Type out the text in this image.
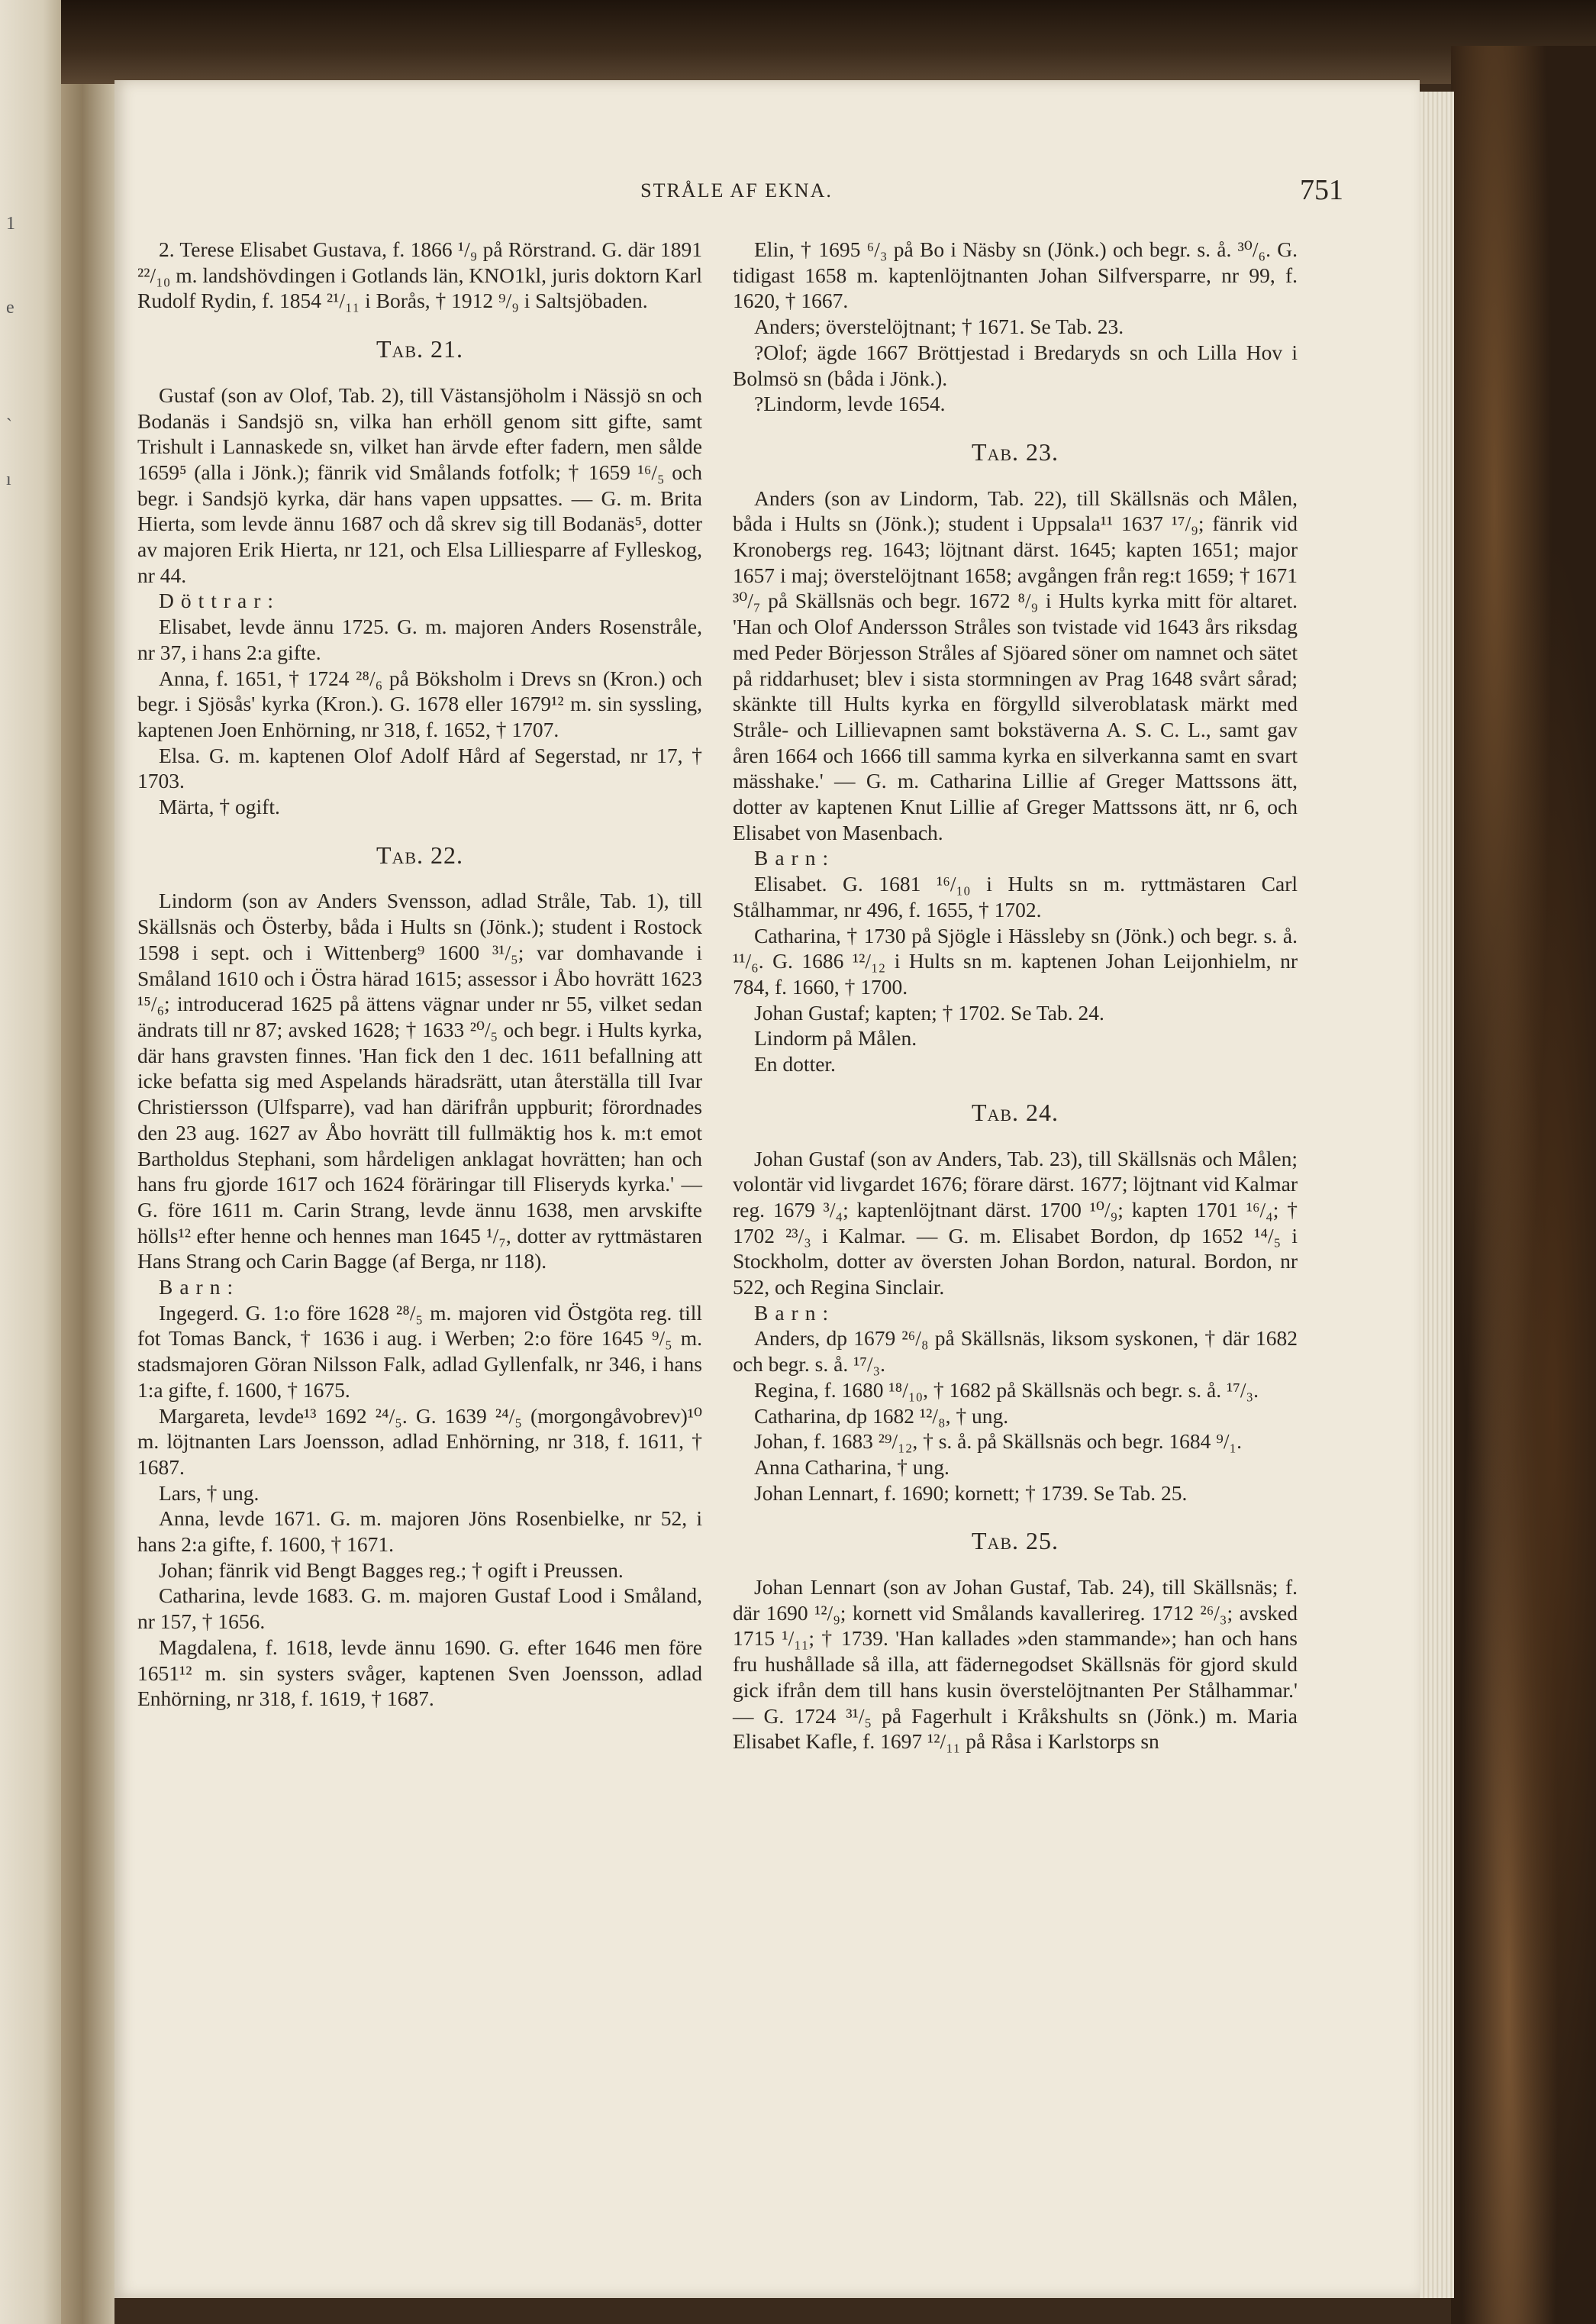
1
e
`
ı
STRÅLE AF EKNA.	751

2. Terese Elisabet Gustava, f. 1866 ¹/₉ på Rörstrand. G. där 1891 ²²/₁₀ m. landshövdingen i Gotlands län, KNO1kl, juris doktorn Karl Rudolf Rydin, f. 1854 ²¹/₁₁ i Borås, † 1912 ⁹/₉ i Saltsjöbaden.

Tab. 21.

Gustaf (son av Olof, Tab. 2), till Västansjöholm i Nässjö sn och Bodanäs i Sandsjö sn, vilka han erhöll genom sitt gifte, samt Trishult i Lannaskede sn, vilket han ärvde efter fadern, men sålde 1659⁵ (alla i Jönk.); fänrik vid Smålands fotfolk; † 1659 ¹⁶/₅ och begr. i Sandsjö kyrka, där hans vapen uppsattes. — G. m. Brita Hierta, som levde ännu 1687 och då skrev sig till Bodanäs⁵, dotter av majoren Erik Hierta, nr 121, och Elsa Lilliesparre af Fylleskog, nr 44.

Döttrar:

Elisabet, levde ännu 1725. G. m. majoren Anders Rosenstråle, nr 37, i hans 2:a gifte.

Anna, f. 1651, † 1724 ²⁸/₆ på Böksholm i Drevs sn (Kron.) och begr. i Sjösås' kyrka (Kron.). G. 1678 eller 1679¹² m. sin syssling, kaptenen Joen Enhörning, nr 318, f. 1652, † 1707.

Elsa. G. m. kaptenen Olof Adolf Hård af Segerstad, nr 17, † 1703.

Märta, † ogift.

Tab. 22.

Lindorm (son av Anders Svensson, adlad Stråle, Tab. 1), till Skällsnäs och Österby, båda i Hults sn (Jönk.); student i Rostock 1598 i sept. och i Wittenberg⁹ 1600 ³¹/₅; var domhavande i Småland 1610 och i Östra härad 1615; assessor i Åbo hovrätt 1623 ¹⁵/₆; introducerad 1625 på ättens vägnar under nr 55, vilket sedan ändrats till nr 87; avsked 1628; † 1633 ²⁰/₅ och begr. i Hults kyrka, där hans gravsten finnes. 'Han fick den 1 dec. 1611 befallning att icke befatta sig med Aspelands häradsrätt, utan återställa till Ivar Christiersson (Ulfsparre), vad han därifrån uppburit; förordnades den 23 aug. 1627 av Åbo hovrätt till fullmäktig hos k. m:t emot Bartholdus Stephani, som hårdeligen anklagat hovrätten; han och hans fru gjorde 1617 och 1624 föräringar till Fliseryds kyrka.' — G. före 1611 m. Carin Strang, levde ännu 1638, men arvskifte hölls¹² efter henne och hennes man 1645 ¹/₇, dotter av ryttmästaren Hans Strang och Carin Bagge (af Berga, nr 118).

Barn:

Ingegerd. G. 1:o före 1628 ²⁸/₅ m. majoren vid Östgöta reg. till fot Tomas Banck, † 1636 i aug. i Werben; 2:o före 1645 ⁹/₅ m. stadsmajoren Göran Nilsson Falk, adlad Gyllenfalk, nr 346, i hans 1:a gifte, f. 1600, † 1675.

Margareta, levde¹³ 1692 ²⁴/₅. G. 1639 ²⁴/₅ (morgongåvobrev)¹⁰ m. löjtnanten Lars Joensson, adlad Enhörning, nr 318, f. 1611, † 1687.

Lars, † ung.

Anna, levde 1671. G. m. majoren Jöns Rosenbielke, nr 52, i hans 2:a gifte, f. 1600, † 1671.

Johan; fänrik vid Bengt Bagges reg.; † ogift i Preussen.

Catharina, levde 1683. G. m. majoren Gustaf Lood i Småland, nr 157, † 1656.

Magdalena, f. 1618, levde ännu 1690. G. efter 1646 men före 1651¹² m. sin systers svåger, kaptenen Sven Joensson, adlad Enhörning, nr 318, f. 1619, † 1687.

Elin, † 1695 ⁶/₃ på Bo i Näsby sn (Jönk.) och begr. s. å. ³⁰/₆. G. tidigast 1658 m. kaptenlöjtnanten Johan Silfversparre, nr 99, f. 1620, † 1667.

Anders; överstelöjtnant; † 1671. Se Tab. 23.

?Olof; ägde 1667 Bröttjestad i Bredaryds sn och Lilla Hov i Bolmsö sn (båda i Jönk.).

?Lindorm, levde 1654.

Tab. 23.

Anders (son av Lindorm, Tab. 22), till Skällsnäs och Målen, båda i Hults sn (Jönk.); student i Uppsala¹¹ 1637 ¹⁷/₉; fänrik vid Kronobergs reg. 1643; löjtnant därst. 1645; kapten 1651; major 1657 i maj; överstelöjtnant 1658; avgången från reg:t 1659; † 1671 ³⁰/₇ på Skällsnäs och begr. 1672 ⁸/₉ i Hults kyrka mitt för altaret. 'Han och Olof Andersson Stråles son tvistade vid 1643 års riksdag med Peder Börjesson Stråles af Sjöared söner om namnet och sätet på riddarhuset; blev i sista stormningen av Prag 1648 svårt sårad; skänkte till Hults kyrka en förgylld silveroblatask märkt med Stråle- och Lillievapnen samt bokstäverna A. S. C. L., samt gav åren 1664 och 1666 till samma kyrka en silverkanna samt en svart mässhake.' — G. m. Catharina Lillie af Greger Mattssons ätt, dotter av kaptenen Knut Lillie af Greger Mattssons ätt, nr 6, och Elisabet von Masenbach.

Barn:

Elisabet. G. 1681 ¹⁶/₁₀ i Hults sn m. ryttmästaren Carl Stålhammar, nr 496, f. 1655, † 1702.

Catharina, † 1730 på Sjögle i Hässleby sn (Jönk.) och begr. s. å. ¹¹/₆. G. 1686 ¹²/₁₂ i Hults sn m. kaptenen Johan Leijonhielm, nr 784, f. 1660, † 1700.

Johan Gustaf; kapten; † 1702. Se Tab. 24.

Lindorm på Målen.

En dotter.

Tab. 24.

Johan Gustaf (son av Anders, Tab. 23), till Skällsnäs och Målen; volontär vid livgardet 1676; förare därst. 1677; löjtnant vid Kalmar reg. 1679 ³/₄; kaptenlöjtnant därst. 1700 ¹⁰/₉; kapten 1701 ¹⁶/₄; † 1702 ²³/₃ i Kalmar. — G. m. Elisabet Bordon, dp 1652 ¹⁴/₅ i Stockholm, dotter av översten Johan Bordon, natural. Bordon, nr 522, och Regina Sinclair.

Barn:

Anders, dp 1679 ²⁶/₈ på Skällsnäs, liksom syskonen, † där 1682 och begr. s. å. ¹⁷/₃.

Regina, f. 1680 ¹⁸/₁₀, † 1682 på Skällsnäs och begr. s. å. ¹⁷/₃.

Catharina, dp 1682 ¹²/₈, † ung.

Johan, f. 1683 ²⁹/₁₂, † s. å. på Skällsnäs och begr. 1684 ⁹/₁.

Anna Catharina, † ung.

Johan Lennart, f. 1690; kornett; † 1739. Se Tab. 25.

Tab. 25.

Johan Lennart (son av Johan Gustaf, Tab. 24), till Skällsnäs; f. där 1690 ¹²/₉; kornett vid Smålands kavallerireg. 1712 ²⁶/₃; avsked 1715 ¹/₁₁; † 1739. 'Han kallades »den stammande»; han och hans fru hushållade så illa, att fädernegodset Skällsnäs för gjord skuld gick ifrån dem till hans kusin överstelöjtnanten Per Stålhammar.' — G. 1724 ³¹/₅ på Fagerhult i Kråkshults sn (Jönk.) m. Maria Elisabet Kafle, f. 1697 ¹²/₁₁ på Råsa i Karlstorps sn
